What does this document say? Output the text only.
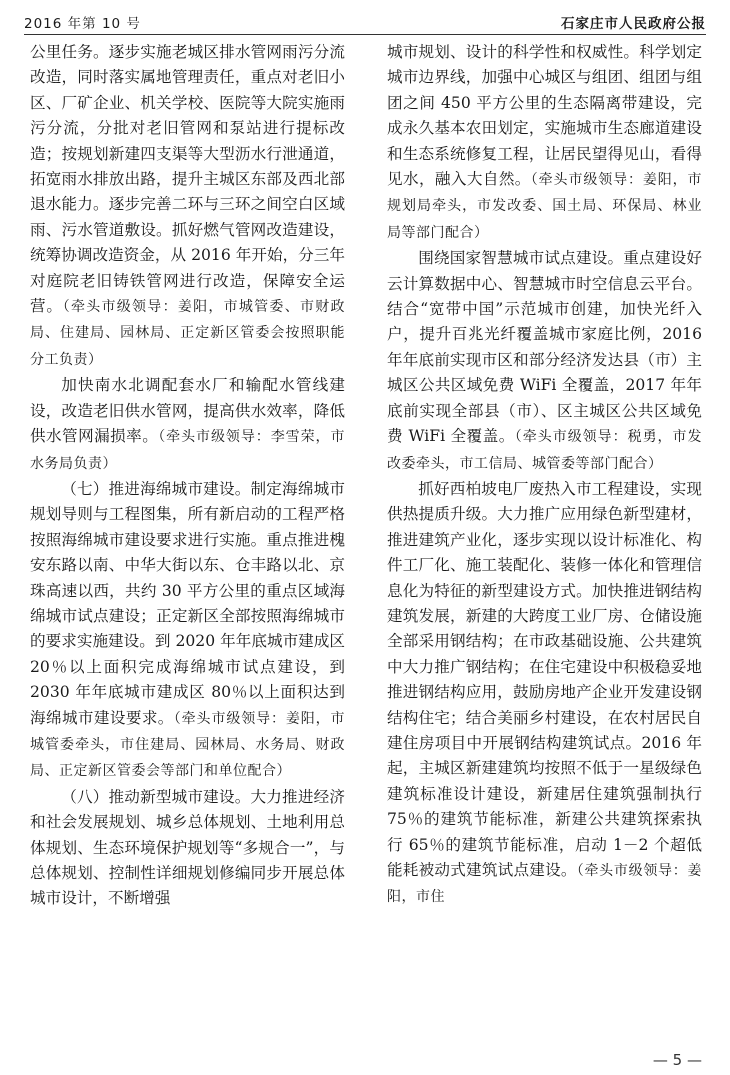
2016 年第 10 号	石家庄市人民政府公报

公里任务。逐步实施老城区排水管网雨污分流改造，同时落实属地管理责任，重点对老旧小区、厂矿企业、机关学校、医院等大院实施雨污分流，分批对老旧管网和泵站进行提标改造；按规划新建四支渠等大型沥水行泄通道，拓宽雨水排放出路，提升主城区东部及西北部退水能力。逐步完善二环与三环之间空白区域雨、污水管道敷设。抓好燃气管网改造建设，统筹协调改造资金，从 2016 年开始，分三年对庭院老旧铸铁管网进行改造，保障安全运营。（牵头市级领导：姜阳，市城管委、市财政局、住建局、园林局、正定新区管委会按照职能分工负责）

加快南水北调配套水厂和输配水管线建设，改造老旧供水管网，提高供水效率，降低供水管网漏损率。（牵头市级领导：李雪荣，市水务局负责）

（七）推进海绵城市建设。制定海绵城市规划导则与工程图集，所有新启动的工程严格按照海绵城市建设要求进行实施。重点推进槐安东路以南、中华大街以东、仓丰路以北、京珠高速以西，共约 30 平方公里的重点区域海绵城市试点建设；正定新区全部按照海绵城市的要求实施建设。到 2020 年年底城市建成区 20％以上面积完成海绵城市试点建设，到 2030 年年底城市建成区 80％以上面积达到海绵城市建设要求。（牵头市级领导：姜阳，市城管委牵头，市住建局、园林局、水务局、财政局、正定新区管委会等部门和单位配合）

（八）推动新型城市建设。大力推进经济和社会发展规划、城乡总体规划、土地利用总体规划、生态环境保护规划等“多规合一”，与总体规划、控制性详细规划修编同步开展总体城市设计，不断增强

城市规划、设计的科学性和权威性。科学划定城市边界线，加强中心城区与组团、组团与组团之间 450 平方公里的生态隔离带建设，完成永久基本农田划定，实施城市生态廊道建设和生态系统修复工程，让居民望得见山，看得见水，融入大自然。（牵头市级领导：姜阳，市规划局牵头，市发改委、国土局、环保局、林业局等部门配合）

围绕国家智慧城市试点建设。重点建设好云计算数据中心、智慧城市时空信息云平台。结合“宽带中国”示范城市创建，加快光纤入户，提升百兆光纤覆盖城市家庭比例，2016 年年底前实现市区和部分经济发达县（市）主城区公共区域免费 WiFi 全覆盖，2017 年年底前实现全部县（市）、区主城区公共区域免费 WiFi 全覆盖。（牵头市级领导：税勇，市发改委牵头，市工信局、城管委等部门配合）

抓好西柏坡电厂废热入市工程建设，实现供热提质升级。大力推广应用绿色新型建材，推进建筑产业化，逐步实现以设计标准化、构件工厂化、施工装配化、装修一体化和管理信息化为特征的新型建设方式。加快推进钢结构建筑发展，新建的大跨度工业厂房、仓储设施全部采用钢结构；在市政基础设施、公共建筑中大力推广钢结构；在住宅建设中积极稳妥地推进钢结构应用，鼓励房地产企业开发建设钢结构住宅；结合美丽乡村建设，在农村居民自建住房项目中开展钢结构建筑试点。2016 年起，主城区新建建筑均按照不低于一星级绿色建筑标准设计建设，新建居住建筑强制执行 75％的建筑节能标准，新建公共建筑探索执行 65％的建筑节能标准，启动 1－2 个超低能耗被动式建筑试点建设。（牵头市级领导：姜阳，市住

— 5 —
